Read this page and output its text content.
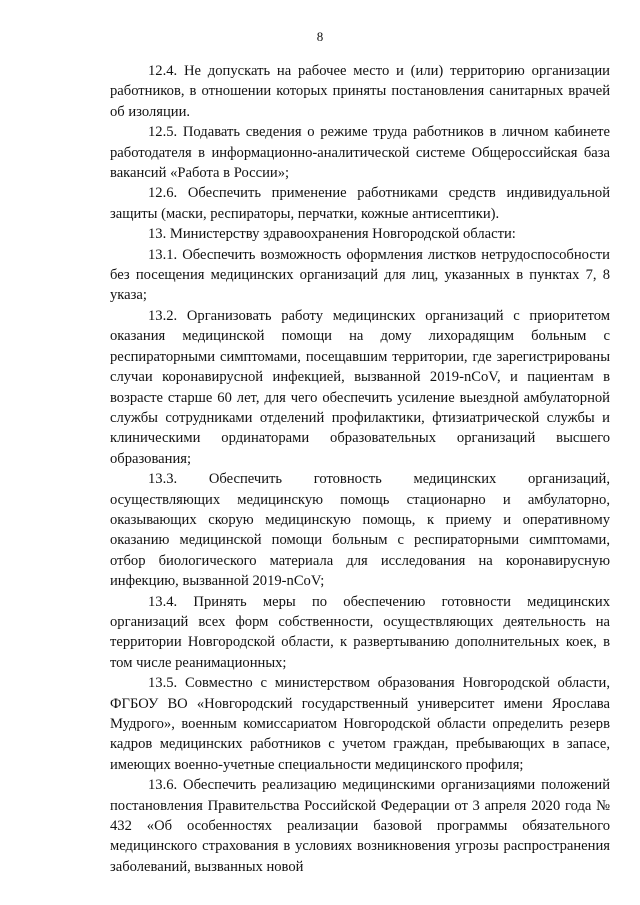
8

12.4. Не допускать на рабочее место и (или) территорию организации работников, в отношении которых приняты постановления санитарных врачей об изоляции.

12.5. Подавать сведения о режиме труда работников в личном кабинете работодателя в информационно-аналитической системе Общероссийская база вакансий «Работа в России»;

12.6. Обеспечить применение работниками средств индивидуальной защиты (маски, респираторы, перчатки, кожные антисептики).

13. Министерству здравоохранения Новгородской области:

13.1. Обеспечить возможность оформления листков нетрудоспособности без посещения медицинских организаций для лиц, указанных в пунктах 7, 8 указа;

13.2. Организовать работу медицинских организаций с приоритетом оказания медицинской помощи на дому лихорадящим больным с респираторными симптомами, посещавшим территории, где зарегистрированы случаи коронавирусной инфекцией, вызванной 2019-nCoV, и пациентам в возрасте старше 60 лет, для чего обеспечить усиление выездной амбулаторной службы сотрудниками отделений профилактики, фтизиатрической службы и клиническими ординаторами образовательных организаций высшего образования;

13.3. Обеспечить готовность медицинских организаций, осуществляющих медицинскую помощь стационарно и амбулаторно, оказывающих скорую медицинскую помощь, к приему и оперативному оказанию медицинской помощи больным с респираторными симптомами, отбор биологического материала для исследования на коронавирусную инфекцию, вызванной 2019-nCoV;

13.4. Принять меры по обеспечению готовности медицинских организаций всех форм собственности, осуществляющих деятельность на территории Новгородской области, к развертыванию дополнительных коек, в том числе реанимационных;

13.5. Совместно с министерством образования Новгородской области, ФГБОУ ВО «Новгородский государственный университет имени Ярослава Мудрого», военным комиссариатом Новгородской области определить резерв кадров медицинских работников с учетом граждан, пребывающих в запасе, имеющих военно-учетные специальности медицинского профиля;

13.6. Обеспечить реализацию медицинскими организациями положений постановления Правительства Российской Федерации от 3 апреля 2020 года № 432 «Об особенностях реализации базовой программы обязательного медицинского страхования в условиях возникновения угрозы распространения заболеваний, вызванных новой
